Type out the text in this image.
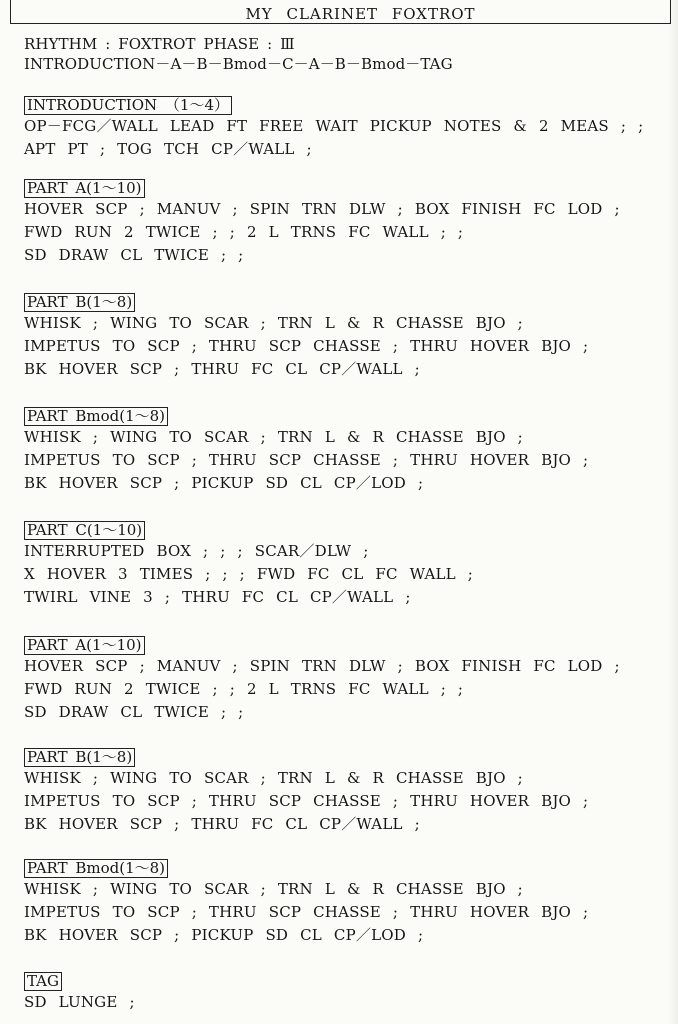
MY CLARINET FOXTROT
RHYTHM : FOXTROT PHASE : Ⅲ
INTRODUCTION－A－B－Bmod－C－A－B－Bmod－TAG
INTRODUCTION （1～4）
OP－FCG／WALL LEAD FT FREE WAIT PICKUP NOTES & 2 MEAS ; ;
APT PT ; TOG TCH CP／WALL ;
PART A(1～10)
HOVER SCP ; MANUV ; SPIN TRN DLW ; BOX FINISH FC LOD ;
FWD RUN 2 TWICE ; ; 2 L TRNS FC WALL ; ;
SD DRAW CL TWICE ; ;
PART B(1～8)
WHISK ; WING TO SCAR ; TRN L & R CHASSE BJO ;
IMPETUS TO SCP ; THRU SCP CHASSE ; THRU HOVER BJO ;
BK HOVER SCP ; THRU FC CL CP／WALL ;
PART Bmod(1～8)
WHISK ; WING TO SCAR ; TRN L & R CHASSE BJO ;
IMPETUS TO SCP ; THRU SCP CHASSE ; THRU HOVER BJO ;
BK HOVER SCP ; PICKUP SD CL CP／LOD ;
PART C(1～10)
INTERRUPTED BOX ; ; ; SCAR／DLW ;
X HOVER 3 TIMES ; ; ; FWD FC CL FC WALL ;
TWIRL VINE 3 ; THRU FC CL CP／WALL ;
PART A(1～10)
HOVER SCP ; MANUV ; SPIN TRN DLW ; BOX FINISH FC LOD ;
FWD RUN 2 TWICE ; ; 2 L TRNS FC WALL ; ;
SD DRAW CL TWICE ; ;
PART B(1～8)
WHISK ; WING TO SCAR ; TRN L & R CHASSE BJO ;
IMPETUS TO SCP ; THRU SCP CHASSE ; THRU HOVER BJO ;
BK HOVER SCP ; THRU FC CL CP／WALL ;
PART Bmod(1～8)
WHISK ; WING TO SCAR ; TRN L & R CHASSE BJO ;
IMPETUS TO SCP ; THRU SCP CHASSE ; THRU HOVER BJO ;
BK HOVER SCP ; PICKUP SD CL CP／LOD ;
TAG
SD LUNGE ;
